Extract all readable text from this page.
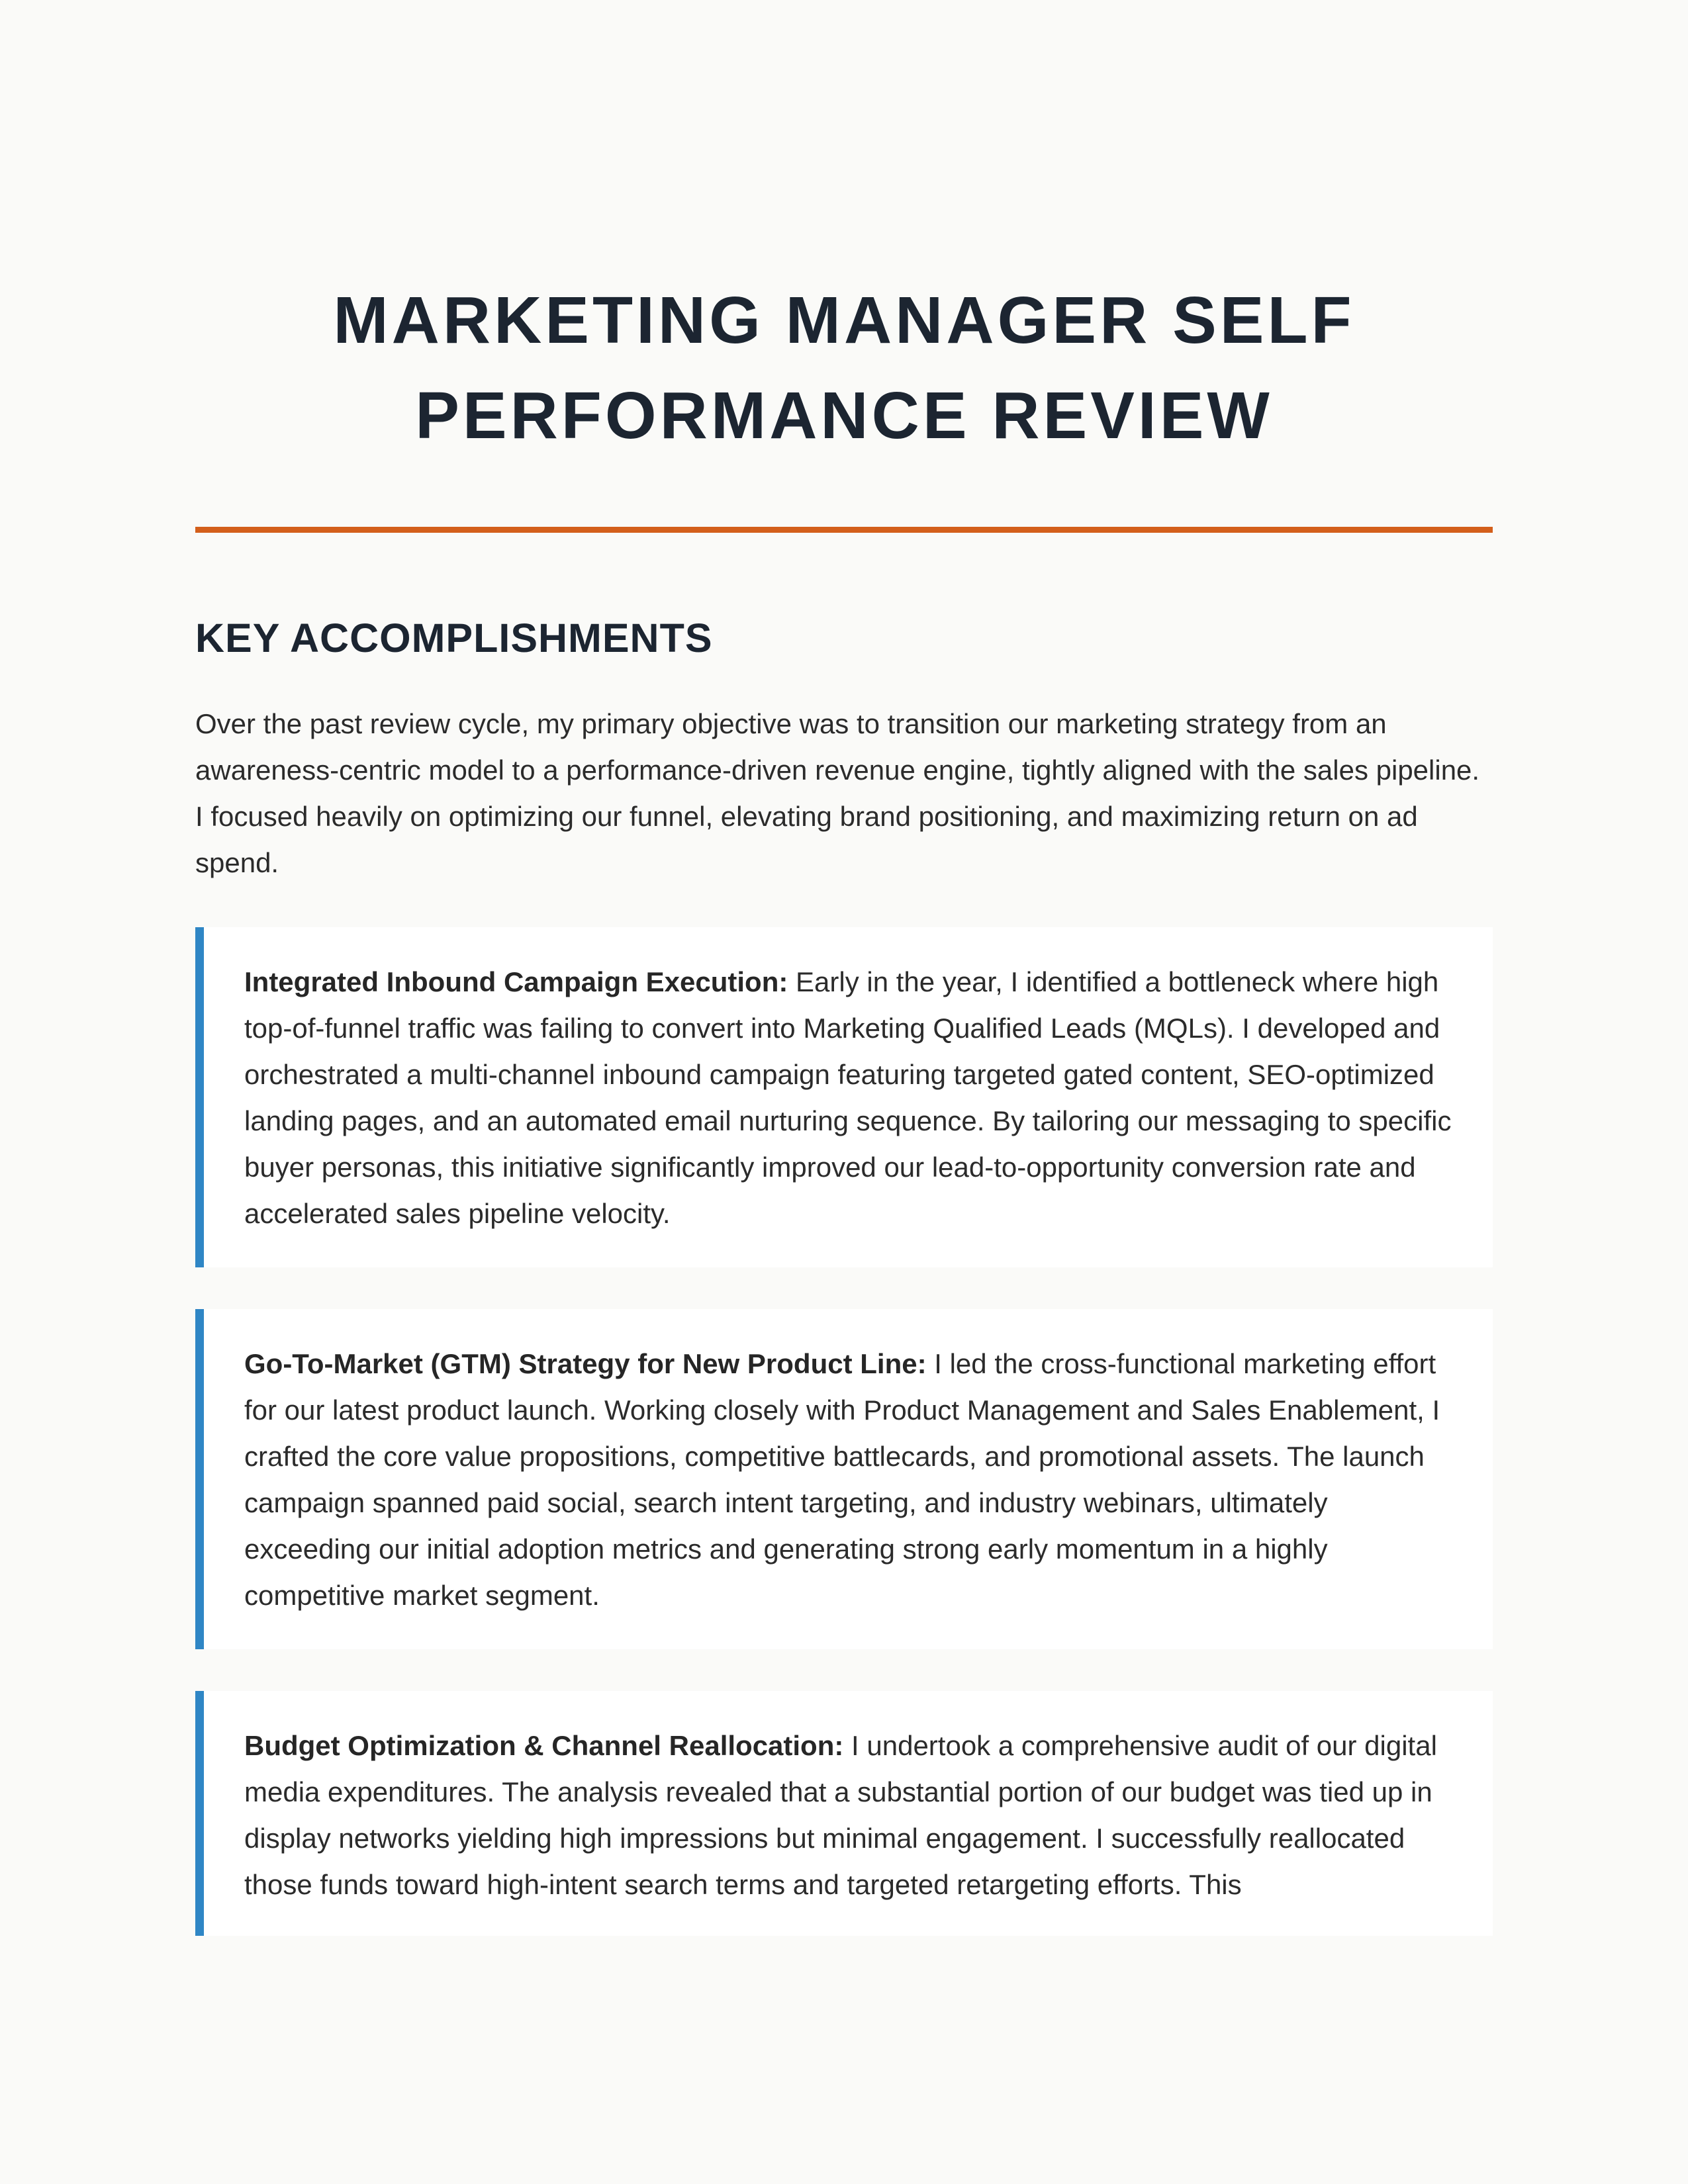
MARKETING MANAGER SELF PERFORMANCE REVIEW
KEY ACCOMPLISHMENTS

Over the past review cycle, my primary objective was to transition our marketing strategy from an awareness-centric model to a performance-driven revenue engine, tightly aligned with the sales pipeline. I focused heavily on optimizing our funnel, elevating brand positioning, and maximizing return on ad spend.

Integrated Inbound Campaign Execution: Early in the year, I identified a bottleneck where high top-of-funnel traffic was failing to convert into Marketing Qualified Leads (MQLs). I developed and orchestrated a multi-channel inbound campaign featuring targeted gated content, SEO-optimized landing pages, and an automated email nurturing sequence. By tailoring our messaging to specific buyer personas, this initiative significantly improved our lead-to-opportunity conversion rate and accelerated sales pipeline velocity.

Go-To-Market (GTM) Strategy for New Product Line: I led the cross-functional marketing effort for our latest product launch. Working closely with Product Management and Sales Enablement, I crafted the core value propositions, competitive battlecards, and promotional assets. The launch campaign spanned paid social, search intent targeting, and industry webinars, ultimately exceeding our initial adoption metrics and generating strong early momentum in a highly competitive market segment.

Budget Optimization & Channel Reallocation: I undertook a comprehensive audit of our digital media expenditures. The analysis revealed that a substantial portion of our budget was tied up in display networks yielding high impressions but minimal engagement. I successfully reallocated those funds toward high-intent search terms and targeted retargeting efforts. This
